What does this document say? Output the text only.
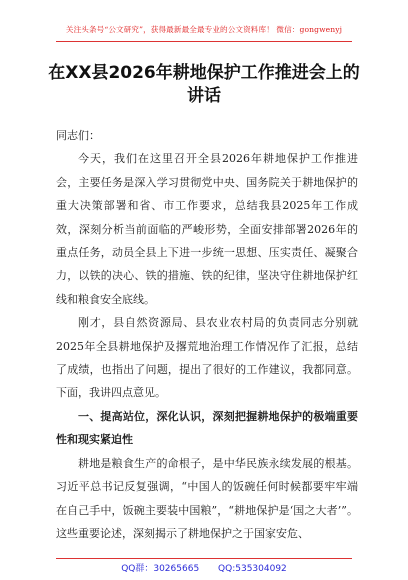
关注头条号“公文研究”，获得最新最全最专业的公文资料库！ 微信：gongwenyj
在XX县2026年耕地保护工作推进会上的讲话

同志们：

今天，我们在这里召开全县2026年耕地保护工作推进会，主要任务是深入学习贯彻党中央、国务院关于耕地保护的重大决策部署和省、市工作要求，总结我县2025年工作成效，深刻分析当前面临的严峻形势，全面安排部署2026年的重点任务，动员全县上下进一步统一思想、压实责任、凝聚合力，以铁的决心、铁的措施、铁的纪律，坚决守住耕地保护红线和粮食安全底线。

刚才，县自然资源局、县农业农村局的负责同志分别就2025年全县耕地保护及撂荒地治理工作情况作了汇报，总结了成绩，也指出了问题，提出了很好的工作建议，我都同意。下面，我讲四点意见。

一、提高站位，深化认识，深刻把握耕地保护的极端重要性和现实紧迫性

耕地是粮食生产的命根子，是中华民族永续发展的根基。习近平总书记反复强调，“中国人的饭碗任何时候都要牢牢端在自己手中，饭碗主要装中国粮”，“耕地保护是‘国之大者’”。这些重要论述，深刻揭示了耕地保护之于国家安危、

QQ群：30265665 QQ:535304092
